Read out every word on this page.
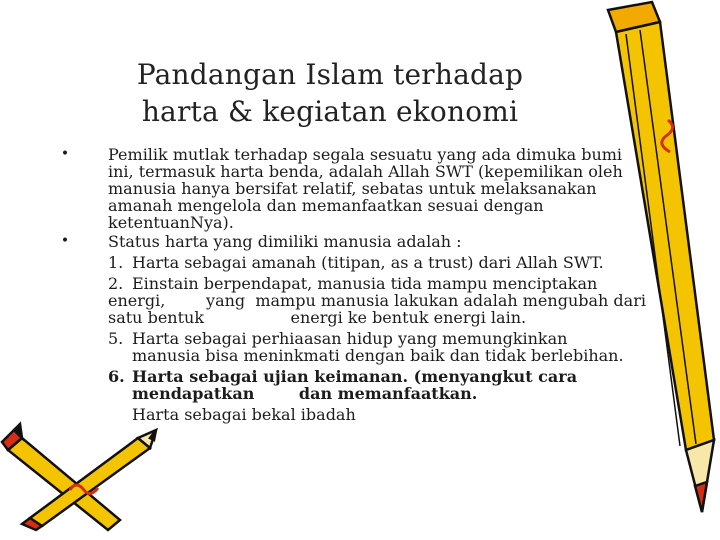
Pandangan Islam terhadap
harta & kegiatan ekonomi
• Pemilik mutlak terhadap segala sesuatu yang ada dimuka bumi
ini, termasuk harta benda, adalah Allah SWT (kepemilikan oleh
manusia hanya bersifat relatif, sebatas untuk melaksanakan
amanah mengelola dan memanfaatkan sesuai dengan
ketentuanNya).
• Status harta yang dimiliki manusia adalah :
1. Harta sebagai amanah (titipan, as a trust) dari Allah SWT.
2. Einstain berpendapat, manusia tida mampu menciptakan
energi,        yang  mampu manusia lakukan adalah mengubah dari
satu bentuk                 energi ke bentuk energi lain.
5. Harta sebagai perhiaasan hidup yang memungkinkan
manusia bisa meninkmati dengan baik dan tidak berlebihan.
6. Harta sebagai ujian keimanan. (menyangkut cara
mendapatkan        dan memanfaatkan.
Harta sebagai bekal ibadah
